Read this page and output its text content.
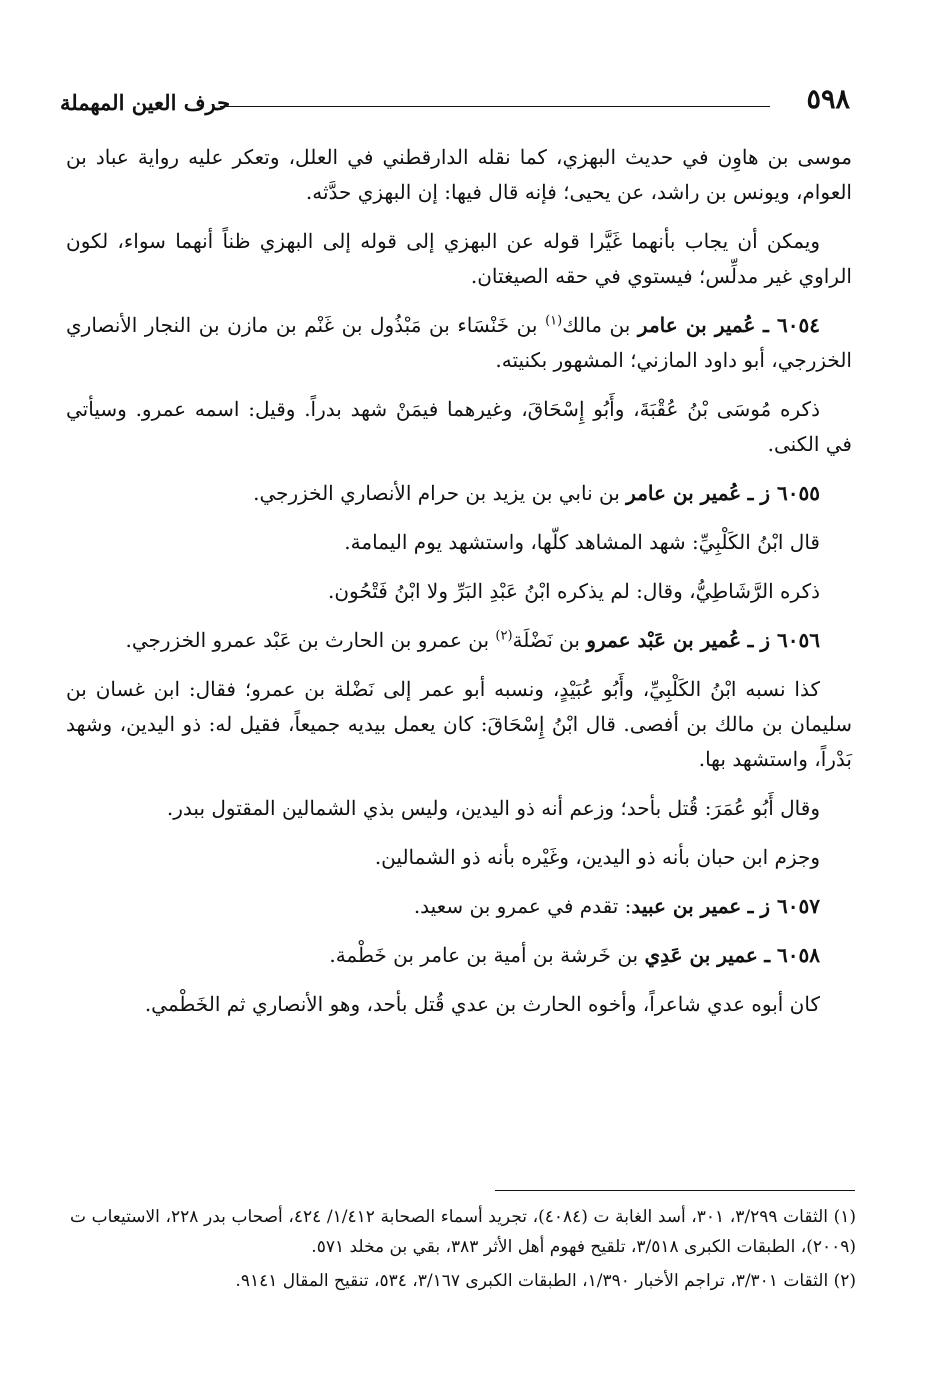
٥٩٨
حرف العين المهملة

موسى بن هاوِن في حديث البهزي، كما نقله الدارقطني في العلل، وتعكر عليه رواية عباد بن العوام، ويونس بن راشد، عن يحيى؛ فإنه قال فيها: إن البهزي حدَّثه.

ويمكن أن يجاب بأنهما غَيَّرا قوله عن البهزي إلى قوله إلى البهزي ظناً أنهما سواء، لكون الراوي غير مدلِّس؛ فيستوي في حقه الصيغتان.

٦٠٥٤ ـ عُمير بن عامر بن مالك$^{(١)}$ بن خَنْسَاء بن مَبْذُول بن غَنْم بن مازن بن النجار الأنصاري الخزرجي، أبو داود المازني؛ المشهور بكنيته.

ذكره مُوسَى بْنُ عُقْبَةَ، وأَبُو إِسْحَاقَ، وغيرهما فيمَنْ شهد بدراً. وقيل: اسمه عمرو. وسيأتي في الكنى.

٦٠٥٥ ز ـ عُمير بن عامر بن نابي بن يزيد بن حرام الأنصاري الخزرجي.

قال ابْنُ الكَلْبِيِّ: شهد المشاهد كلّها، واستشهد يوم اليمامة.

ذكره الرَّشَاطِيُّ، وقال: لم يذكره ابْنُ عَبْدِ البَرِّ ولا ابْنُ فَتْحُون.

٦٠٥٦ ز ـ عُمير بن عَبْد عمرو بن نَضْلَة$^{(٢)}$ بن عمرو بن الحارث بن عَبْد عمرو الخزرجي.

كذا نسبه ابْنُ الكَلْبِيِّ، وأَبُو عُبَيْدٍ، ونسبه أبو عمر إلى نَضْلة بن عمرو؛ فقال: ابن غسان بن سليمان بن مالك بن أفصى. قال ابْنُ إِسْحَاقَ: كان يعمل بيديه جميعاً، فقيل له: ذو اليدين، وشهد بَدْراً، واستشهد بها.

وقال أَبُو عُمَرَ: قُتل بأحد؛ وزعم أنه ذو اليدين، وليس بذي الشمالين المقتول ببدر.

وجزم ابن حبان بأنه ذو اليدين، وغَيْره بأنه ذو الشمالين.

٦٠٥٧ ز ـ عمير بن عبيد: تقدم في عمرو بن سعيد.

٦٠٥٨ ـ عمير بن عَدِي بن خَرشة بن أمية بن عامر بن خَطْمة.

كان أبوه عدي شاعراً، وأخوه الحارث بن عدي قُتل بأحد، وهو الأنصاري ثم الخَطْمي.

(١) الثقات ٣/٢٩٩، ٣٠١، أسد الغابة ت (٤٠٨٤)، تجريد أسماء الصحابة ١/٤١٢/ ٤٢٤، أصحاب بدر ٢٢٨، الاستيعاب ت (٢٠٠٩)، الطبقات الكبرى ٣/٥١٨، تلقيح فهوم أهل الأثر ٣٨٣، بقي بن مخلد ٥٧١.

(٢) الثقات ٣/٣٠١، تراجم الأخبار ١/٣٩٠، الطبقات الكبرى ٣/١٦٧، ٥٣٤، تنقيح المقال ٩١٤١.
